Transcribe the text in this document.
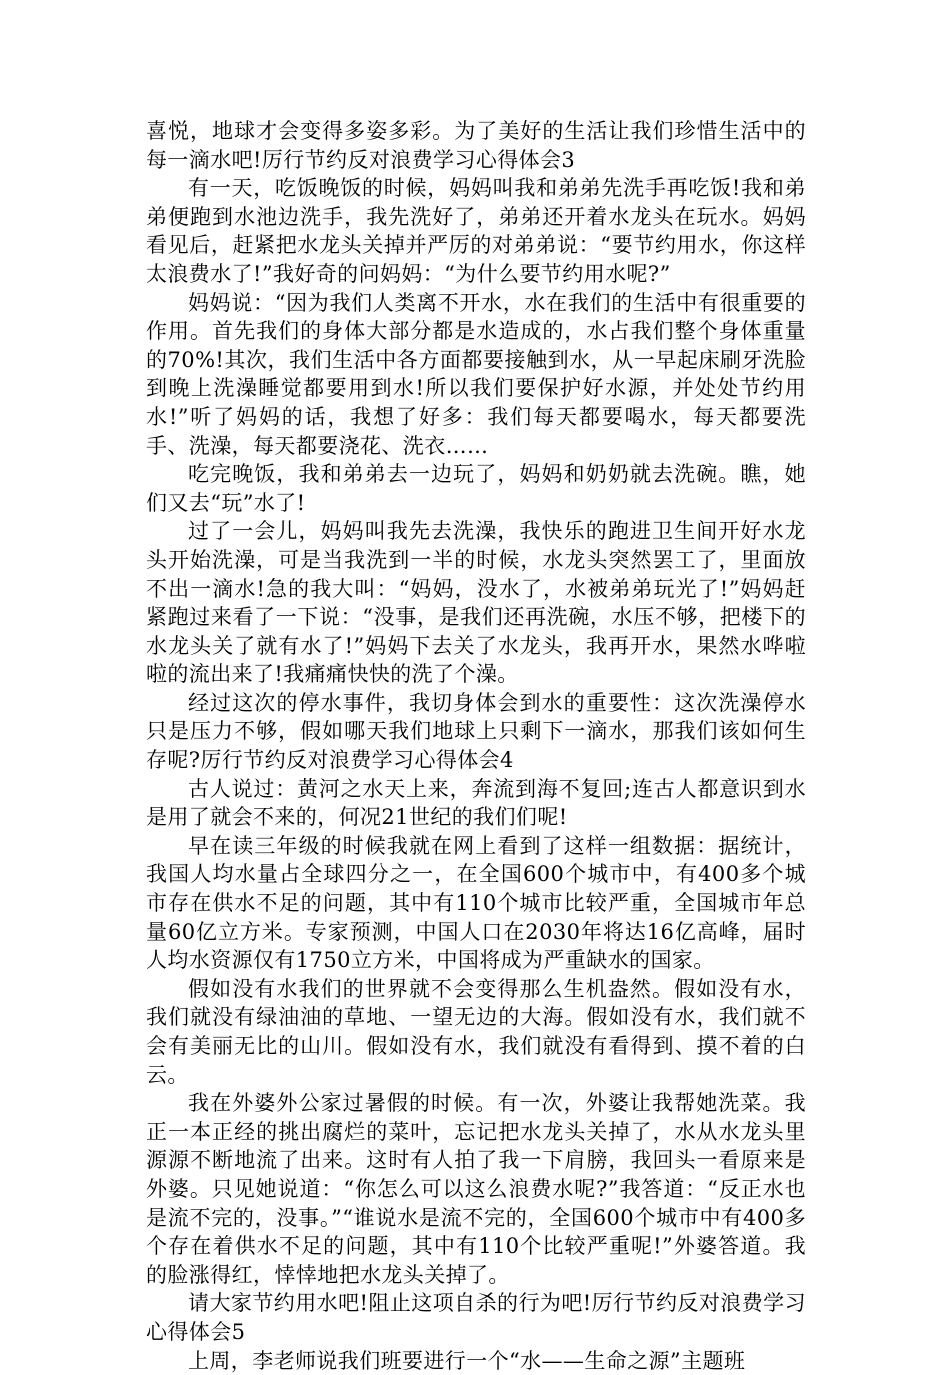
喜悦，地球才会变得多姿多彩。为了美好的生活让我们珍惜生活中的每一滴水吧!厉行节约反对浪费学习心得体会3

有一天，吃饭晚饭的时候，妈妈叫我和弟弟先洗手再吃饭!我和弟弟便跑到水池边洗手，我先洗好了，弟弟还开着水龙头在玩水。妈妈看见后，赶紧把水龙头关掉并严厉的对弟弟说：“要节约用水，你这样太浪费水了!”我好奇的问妈妈：“为什么要节约用水呢?”

妈妈说：“因为我们人类离不开水，水在我们的生活中有很重要的作用。首先我们的身体大部分都是水造成的，水占我们整个身体重量的70%!其次，我们生活中各方面都要接触到水，从一早起床刷牙洗脸到晚上洗澡睡觉都要用到水!所以我们要保护好水源，并处处节约用水!”听了妈妈的话，我想了好多：我们每天都要喝水，每天都要洗手、洗澡，每天都要浇花、洗衣……

吃完晚饭，我和弟弟去一边玩了，妈妈和奶奶就去洗碗。瞧，她们又去“玩”水了!

过了一会儿，妈妈叫我先去洗澡，我快乐的跑进卫生间开好水龙头开始洗澡，可是当我洗到一半的时候，水龙头突然罢工了，里面放不出一滴水!急的我大叫：“妈妈，没水了，水被弟弟玩光了!”妈妈赶紧跑过来看了一下说：“没事，是我们还再洗碗，水压不够，把楼下的水龙头关了就有水了!”妈妈下去关了水龙头，我再开水，果然水哗啦啦的流出来了!我痛痛快快的洗了个澡。

经过这次的停水事件，我切身体会到水的重要性：这次洗澡停水只是压力不够，假如哪天我们地球上只剩下一滴水，那我们该如何生存呢?厉行节约反对浪费学习心得体会4

古人说过：黄河之水天上来，奔流到海不复回;连古人都意识到水是用了就会不来的，何况21世纪的我们们呢!

早在读三年级的时候我就在网上看到了这样一组数据：据统计，我国人均水量占全球四分之一，在全国600个城市中，有400多个城市存在供水不足的问题，其中有110个城市比较严重，全国城市年总量60亿立方米。专家预测，中国人口在2030年将达16亿高峰，届时人均水资源仅有1750立方米，中国将成为严重缺水的国家。

假如没有水我们的世界就不会变得那么生机盎然。假如没有水，我们就没有绿油油的草地、一望无边的大海。假如没有水，我们就不会有美丽无比的山川。假如没有水，我们就没有看得到、摸不着的白云。

我在外婆外公家过暑假的时候。有一次，外婆让我帮她洗菜。我正一本正经的挑出腐烂的菜叶，忘记把水龙头关掉了，水从水龙头里源源不断地流了出来。这时有人拍了我一下肩膀，我回头一看原来是外婆。只见她说道：“你怎么可以这么浪费水呢?”我答道：“反正水也是流不完的，没事。”“谁说水是流不完的，全国600个城市中有400多个存在着供水不足的问题，其中有110个比较严重呢!”外婆答道。我的脸涨得红，悻悻地把水龙头关掉了。

请大家节约用水吧!阻止这项自杀的行为吧!厉行节约反对浪费学习心得体会5

上周，李老师说我们班要进行一个“水——生命之源”主题班
